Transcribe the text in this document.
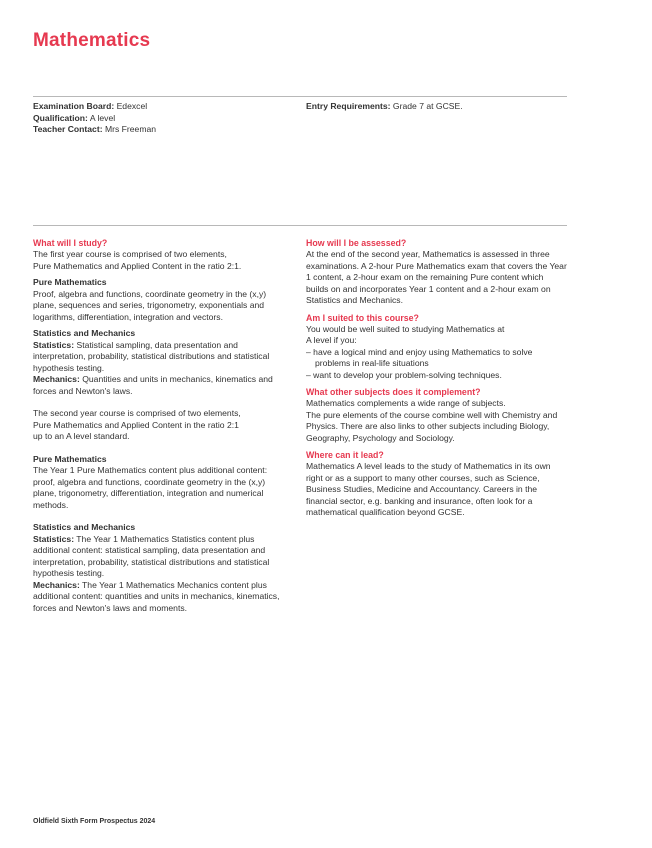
Mathematics
Examination Board: Edexcel
Qualification: A level
Teacher Contact: Mrs Freeman
Entry Requirements: Grade 7 at GCSE.
What will I study?
The first year course is comprised of two elements,
Pure Mathematics and Applied Content in the ratio 2:1.
Pure Mathematics
Proof, algebra and functions, coordinate geometry in the (x,y) plane, sequences and series, trigonometry, exponentials and logarithms, differentiation, integration and vectors.
Statistics and Mechanics
Statistics: Statistical sampling, data presentation and interpretation, probability, statistical distributions and statistical hypothesis testing.
Mechanics: Quantities and units in mechanics, kinematics and forces and Newton's laws.
The second year course is comprised of two elements,
Pure Mathematics and Applied Content in the ratio 2:1
up to an A level standard.
Pure Mathematics
The Year 1 Pure Mathematics content plus additional content: proof, algebra and functions, coordinate geometry in the (x,y) plane, trigonometry, differentiation, integration and numerical methods.
Statistics and Mechanics
Statistics: The Year 1 Mathematics Statistics content plus additional content: statistical sampling, data presentation and interpretation, probability, statistical distributions and statistical hypothesis testing.
Mechanics: The Year 1 Mathematics Mechanics content plus additional content: quantities and units in mechanics, kinematics, forces and Newton's laws and moments.
How will I be assessed?
At the end of the second year, Mathematics is assessed in three examinations. A 2-hour Pure Mathematics exam that covers the Year 1 content, a 2-hour exam on the remaining Pure content which builds on and incorporates Year 1 content and a 2-hour exam on Statistics and Mechanics.
Am I suited to this course?
You would be well suited to studying Mathematics at
A level if you:
– have a logical mind and enjoy using Mathematics to solve problems in real-life situations
– want to develop your problem-solving techniques.
What other subjects does it complement?
Mathematics complements a wide range of subjects.
The pure elements of the course combine well with Chemistry and Physics. There are also links to other subjects including Biology, Geography, Psychology and Sociology.
Where can it lead?
Mathematics A level leads to the study of Mathematics in its own right or as a support to many other courses, such as Science, Business Studies, Medicine and Accountancy. Careers in the financial sector, e.g. banking and insurance, often look for a mathematical qualification beyond GCSE.
Oldfield Sixth Form Prospectus 2024
